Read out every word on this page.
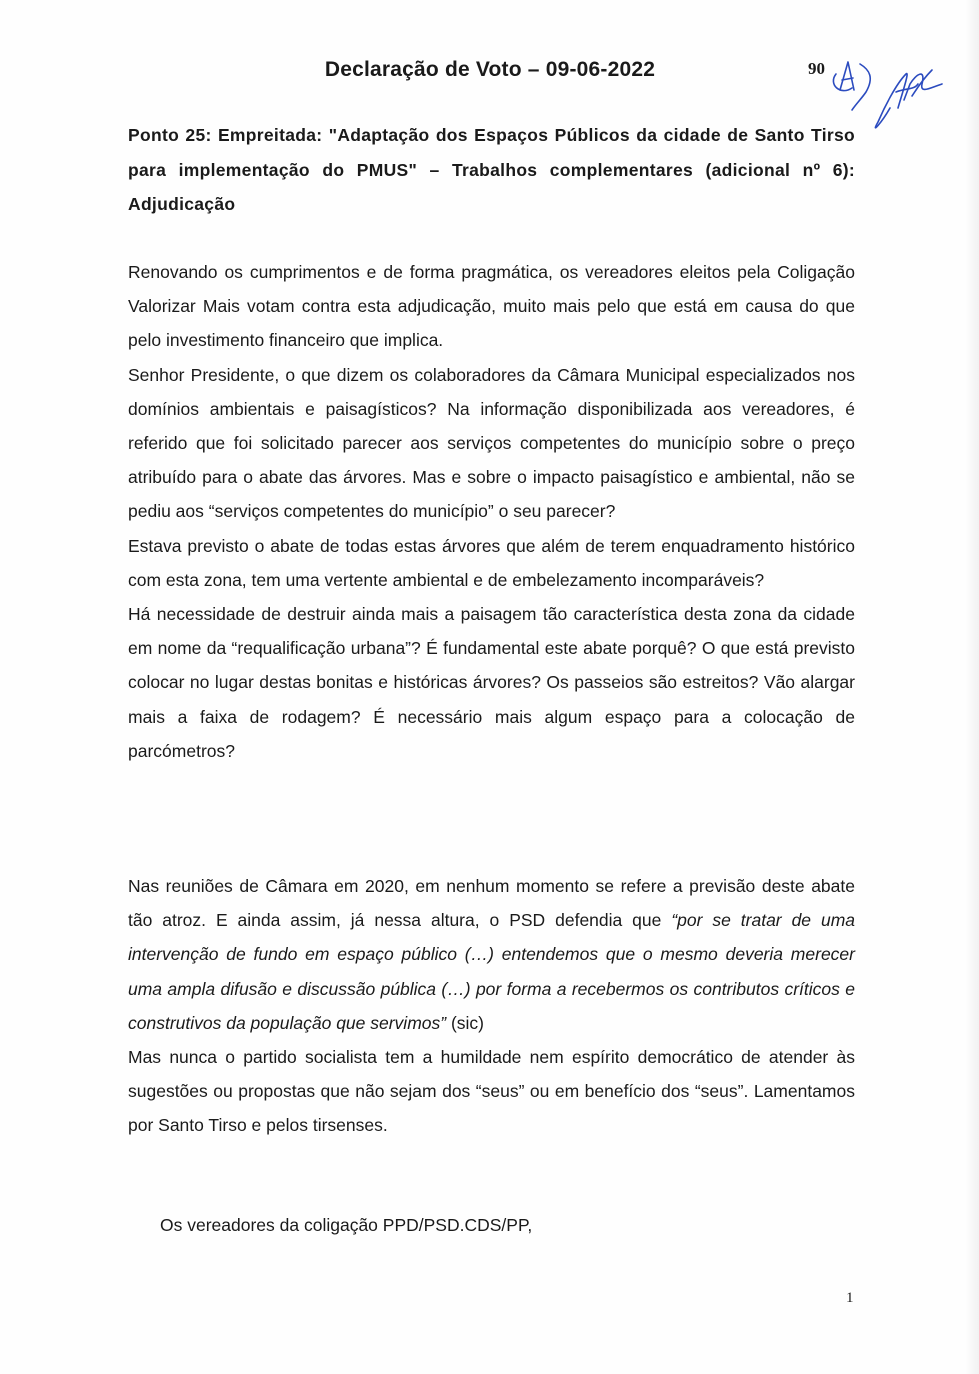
Declaração de Voto – 09-06-2022	90
Ponto 25: Empreitada: "Adaptação dos Espaços Públicos da cidade de Santo Tirso para implementação do PMUS" – Trabalhos complementares (adicional nº 6): Adjudicação

Renovando os cumprimentos e de forma pragmática, os vereadores eleitos pela Coligação Valorizar Mais votam contra esta adjudicação, muito mais pelo que está em causa do que pelo investimento financeiro que implica.

Senhor Presidente, o que dizem os colaboradores da Câmara Municipal especializados nos domínios ambientais e paisagísticos? Na informação disponibilizada aos vereadores, é referido que foi solicitado parecer aos serviços competentes do município sobre o preço atribuído para o abate das árvores. Mas e sobre o impacto paisagístico e ambiental, não se pediu aos “serviços competentes do município” o seu parecer?

Estava previsto o abate de todas estas árvores que além de terem enquadramento histórico com esta zona, tem uma vertente ambiental e de embelezamento incomparáveis?

Há necessidade de destruir ainda mais a paisagem tão característica desta zona da cidade em nome da “requalificação urbana”? É fundamental este abate porquê? O que está previsto colocar no lugar destas bonitas e históricas árvores? Os passeios são estreitos? Vão alargar mais a faixa de rodagem? É necessário mais algum espaço para a colocação de parcómetros?

Nas reuniões de Câmara em 2020, em nenhum momento se refere a previsão deste abate tão atroz. E ainda assim, já nessa altura, o PSD defendia que “por se tratar de uma intervenção de fundo em espaço público (…) entendemos que o mesmo deveria merecer uma ampla difusão e discussão pública (…) por forma a recebermos os contributos críticos e construtivos da população que servimos” (sic)

Mas nunca o partido socialista tem a humildade nem espírito democrático de atender às sugestões ou propostas que não sejam dos “seus” ou em benefício dos “seus”. Lamentamos por Santo Tirso e pelos tirsenses.

Os vereadores da coligação PPD/PSD.CDS/PP,
1
